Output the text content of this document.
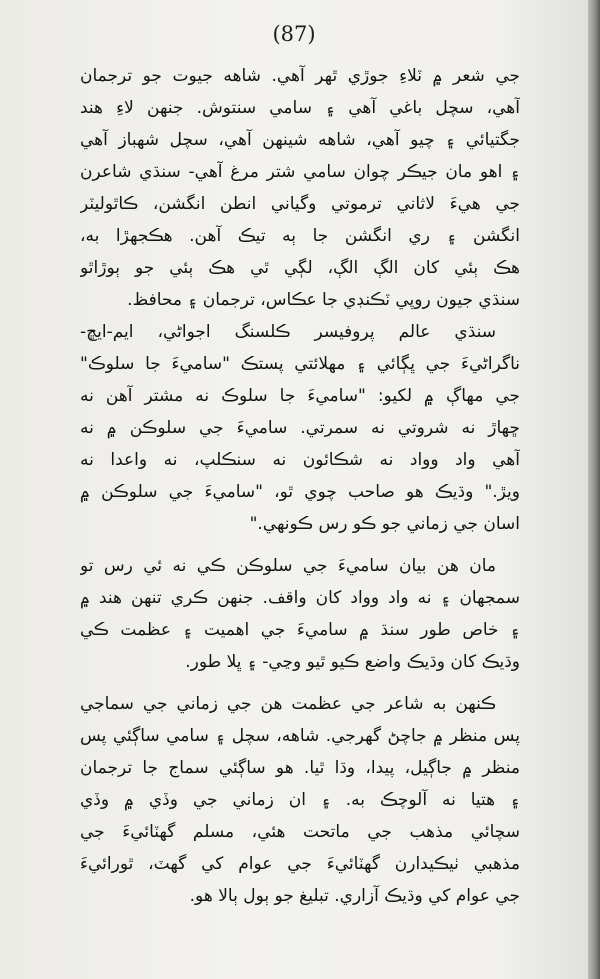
(87)
جي شعر ۾ ٽلاءِ جوڙي ٿهر آهي. شاهه جيوت جو ترجمان
آهي، سچل باغي آهي ۽ سامي سنتوش. جنهن لاءِ هند
جگتيائي ۽ چيو آهي، شاهه شينهن آهي، سچل شهباز آهي
۽ اهو مان جيڪر چوان سامي شتر مرغ آهي- سنڌي شاعرن
جي هيءَ لاثاني ترموتي وگياني انطن انگشن، ڪاٿوليٽر
انگشن ۽ ري انگشن جا ٻه تيڪ آهن. هڪجهڙا به،
هڪ ٻئي کان الڳ الڳ، لڳي ٿي هڪ ٻئي جو ٻوڙاٿو
سنڌي جيون روپي ٽڪنڊي جا عڪاس، ترجمان ۽ محافظ.
سنڌي عالم پروفيسر ڪلسنگ اجواڻي، ايم-ايڇ-
ناگراڻيءَ جي ڀڳائي ۽ مهلائتي پستڪ "ساميءَ جا سلوڪ"
جي مهاڳ ۾ لکيو: "ساميءَ جا سلوڪ نه مشتر آهن نه
ڇهاڙ نه شروتي نه سمرتي. ساميءَ جي سلوڪن ۾ نه
آهي واد وواد نه شڪائون نه سنڪلپ، نه واعدا نه
ويڙ." وڌيڪ هو صاحب چوي ٿو، "ساميءَ جي سلوڪن ۾
اسان جي زماني جو ڪو رس ڪونهي."
مان هن بيان ساميءَ جي سلوڪن ڪي نه ئي رس تو
سمجهان ۽ نه واد وواد کان واقف. جنهن ڪري تنهن هند ۾
۽ خاص طور سنڌ ۾ ساميءَ جي اهميت ۽ عظمت ڪي
وڌيڪ کان وڌيڪ واضع ڪيو ٿيو وڃي- ۽ ڀلا طور.
ڪنهن به شاعر جي عظمت هن جي زماني جي سماجي
پس منظر ۾ جاچڻ گهرجي. شاهه، سچل ۽ سامي ساڳئي پس
منظر ۾ جاڳيل، پيدا، وڌا ٿيا. هو ساڳئي سماج جا ترجمان
۽ هتيا نه آلوچڪ به. ۽ ان زماني جي وڏي ۾ وڏي
سچائي مذهب جي ماتحت هئي، مسلم گهٽائيءَ جي
مذهبي ٺيڪيدارن گهٽائيءَ جي عوام کي گهٽ، ٿورائيءَ
جي عوام کي وڌيڪ آزاري. تبليغ جو ٻول ٻالا هو.
